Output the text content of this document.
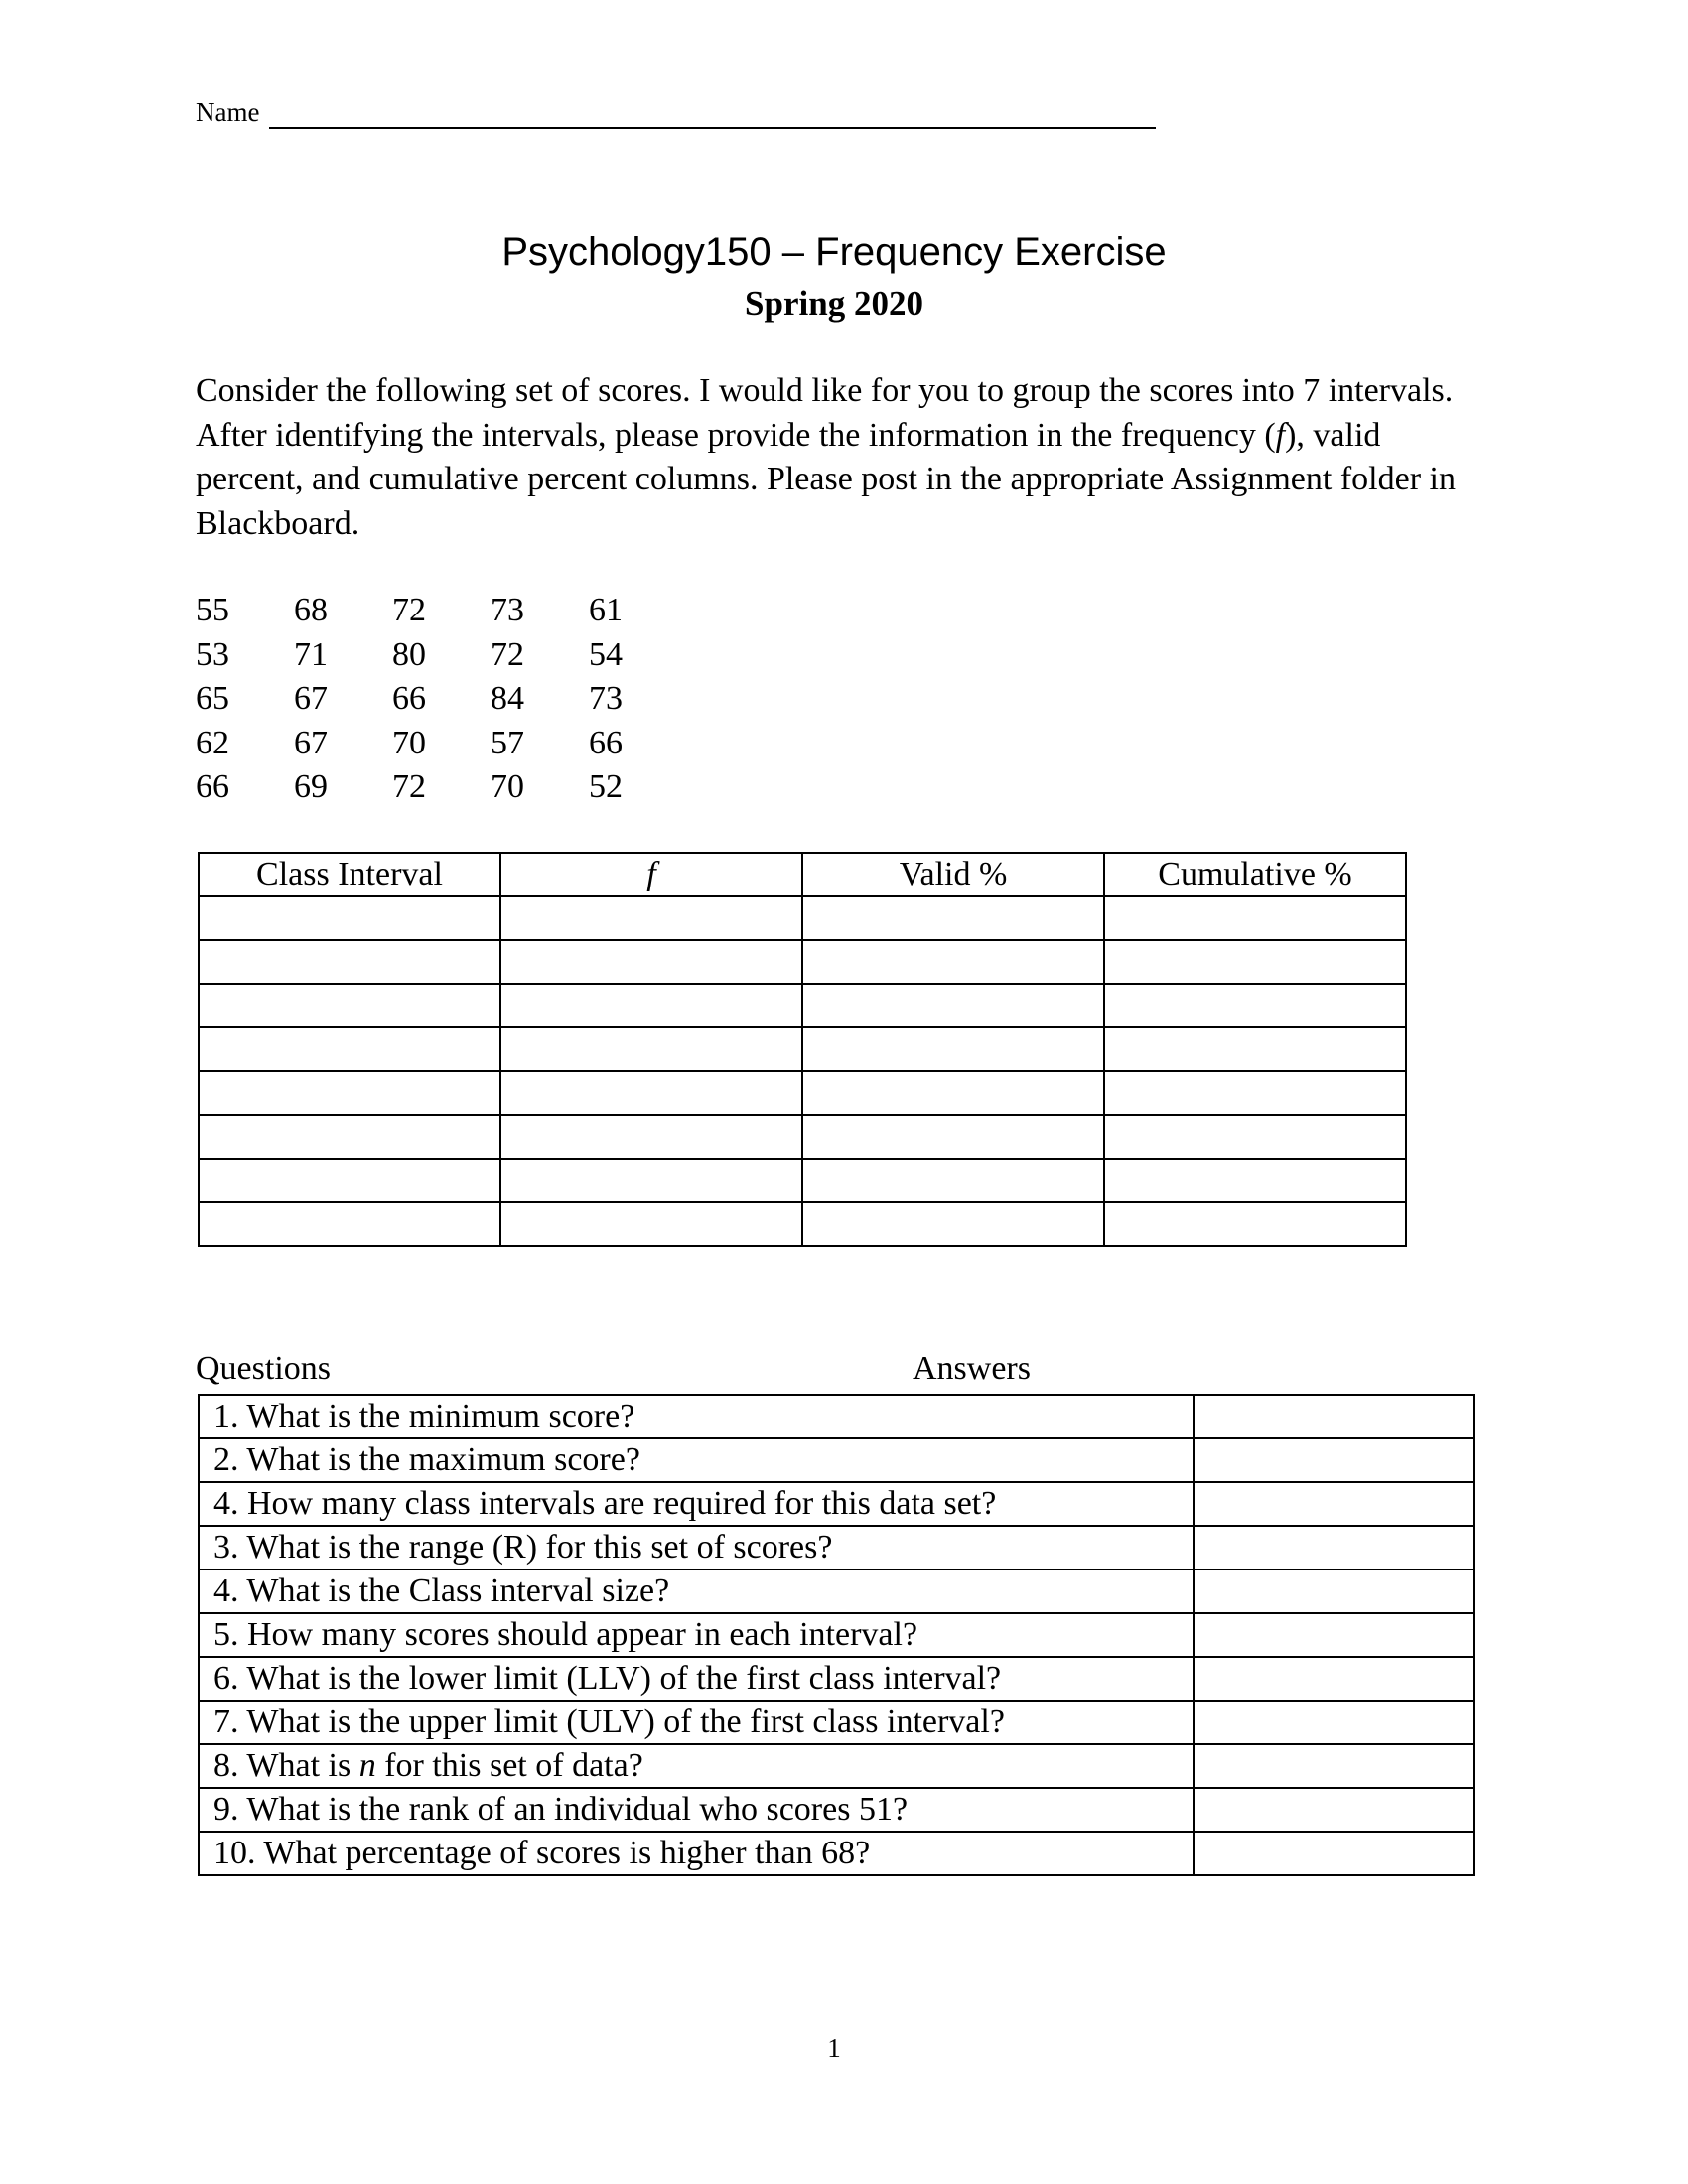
Name
Psychology150 – Frequency Exercise
Spring 2020
Consider the following set of scores. I would like for you to group the scores into 7 intervals. After identifying the intervals, please provide the information in the frequency (f), valid percent, and cumulative percent columns. Please post in the appropriate Assignment folder in Blackboard.
55	68	72	73	61
53	71	80	72	54
65	67	66	84	73
62	67	70	57	66
66	69	72	70	52
Class Interval	f	Valid %	Cumulative %

Questions	Answers
1. What is the minimum score?	
2. What is the maximum score?	
4. How many class intervals are required for this data set?	
3. What is the range (R) for this set of scores?	
4. What is the Class interval size?	
5. How many scores should appear in each interval?	
6. What is the lower limit (LLV) of the first class interval?	
7. What is the upper limit (ULV) of the first class interval?	
8. What is n for this set of data?	
9. What is the rank of an individual who scores 51?	
10. What percentage of scores is higher than 68?	
1
